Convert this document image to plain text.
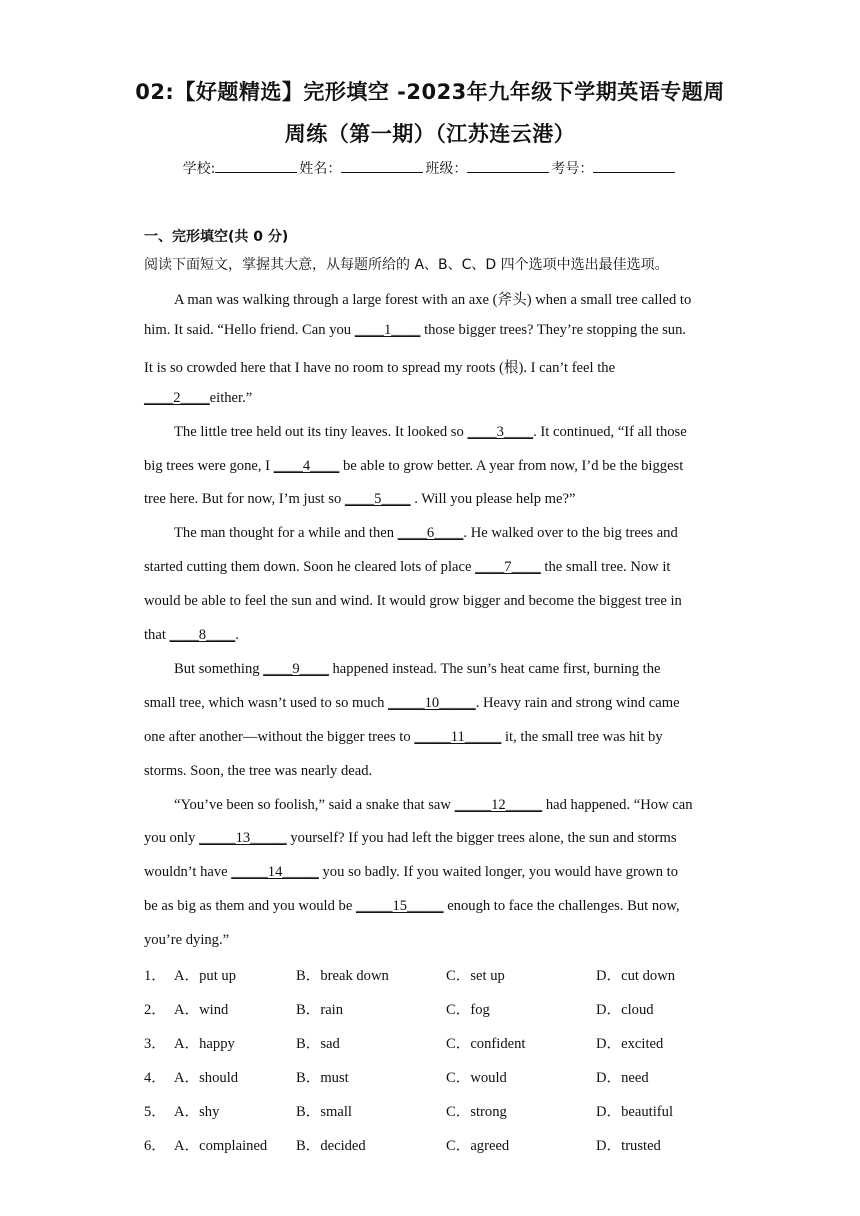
02:【好题精选】完形填空 -2023年九年级下学期英语专题周
周练（第一期）（江苏连云港）
学校:	姓名：	班级：	考号：
一、完形填空(共 0 分)
阅读下面短文，掌握其大意，从每题所给的 A、B、C、D 四个选项中选出最佳选项。
A man was walking through a large forest with an axe (斧头) when a small tree called to
him. It said. “Hello friend. Can you ____1____ those bigger trees? They’re stopping the sun.
It is so crowded here that I have no room to spread my roots (根). I can’t feel the
____2____either.”
The little tree held out its tiny leaves. It looked so ____3____. It continued, “If all those
big trees were gone, I ____4____ be able to grow better. A year from now, I’d be the biggest
tree here. But for now, I’m just so ____5____ . Will you please help me?”
The man thought for a while and then ____6____. He walked over to the big trees and
started cutting them down. Soon he cleared lots of place ____7____ the small tree. Now it
would be able to feel the sun and wind. It would grow bigger and become the biggest tree in
that ____8____.
But something ____9____ happened instead. The sun’s heat came first, burning the
small tree, which wasn’t used to so much _____10_____. Heavy rain and strong wind came
one after another—without the bigger trees to _____11_____ it, the small tree was hit by
storms. Soon, the tree was nearly dead.
“You’ve been so foolish,” said a snake that saw _____12_____ had happened. “How can
you only _____13_____ yourself? If you had left the bigger trees alone, the sun and storms
wouldn’t have _____14_____ you so badly. If you waited longer, you would have grown to
be as big as them and you would be _____15_____ enough to face the challenges. But now,
you’re dying.”
1． A．put up	B．break down	C．set up	D．cut down
2． A．wind	B．rain	C．fog	D．cloud
3． A．happy	B．sad	C．confident	D．excited
4． A．should	B．must	C．would	D．need
5． A．shy	B．small	C．strong	D．beautiful
6． A．complained B．decided	C．agreed	D．trusted
